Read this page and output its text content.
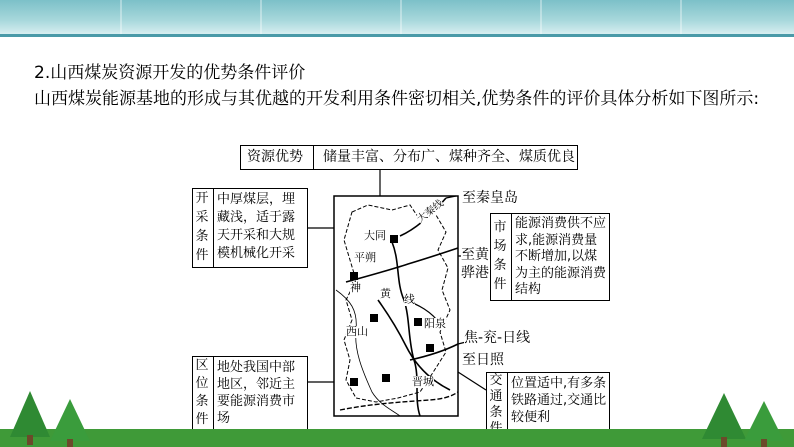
2.山西煤炭资源开发的优势条件评价
山西煤炭能源基地的形成与其优越的开发利用条件密切相关,优势条件的评价具体分析如下图所示:
大同
平朔
神 黄 线
西山
阳泉
晋城
大秦线
至秦皇岛
至黄骅港
焦-兖-日线
至日照
资源优势 储量丰富、分布广、煤种齐全、煤质优良
开采条件
中厚煤层，埋藏浅，适于露天开采和大规模机械化开采
市场条件
能源消费供不应求,能源消费量不断增加,以煤为主的能源消费结构
区位条件
地处我国中部地区，邻近主要能源消费市场
交通条
位置适中,有多条铁路通过,交通比较便利
